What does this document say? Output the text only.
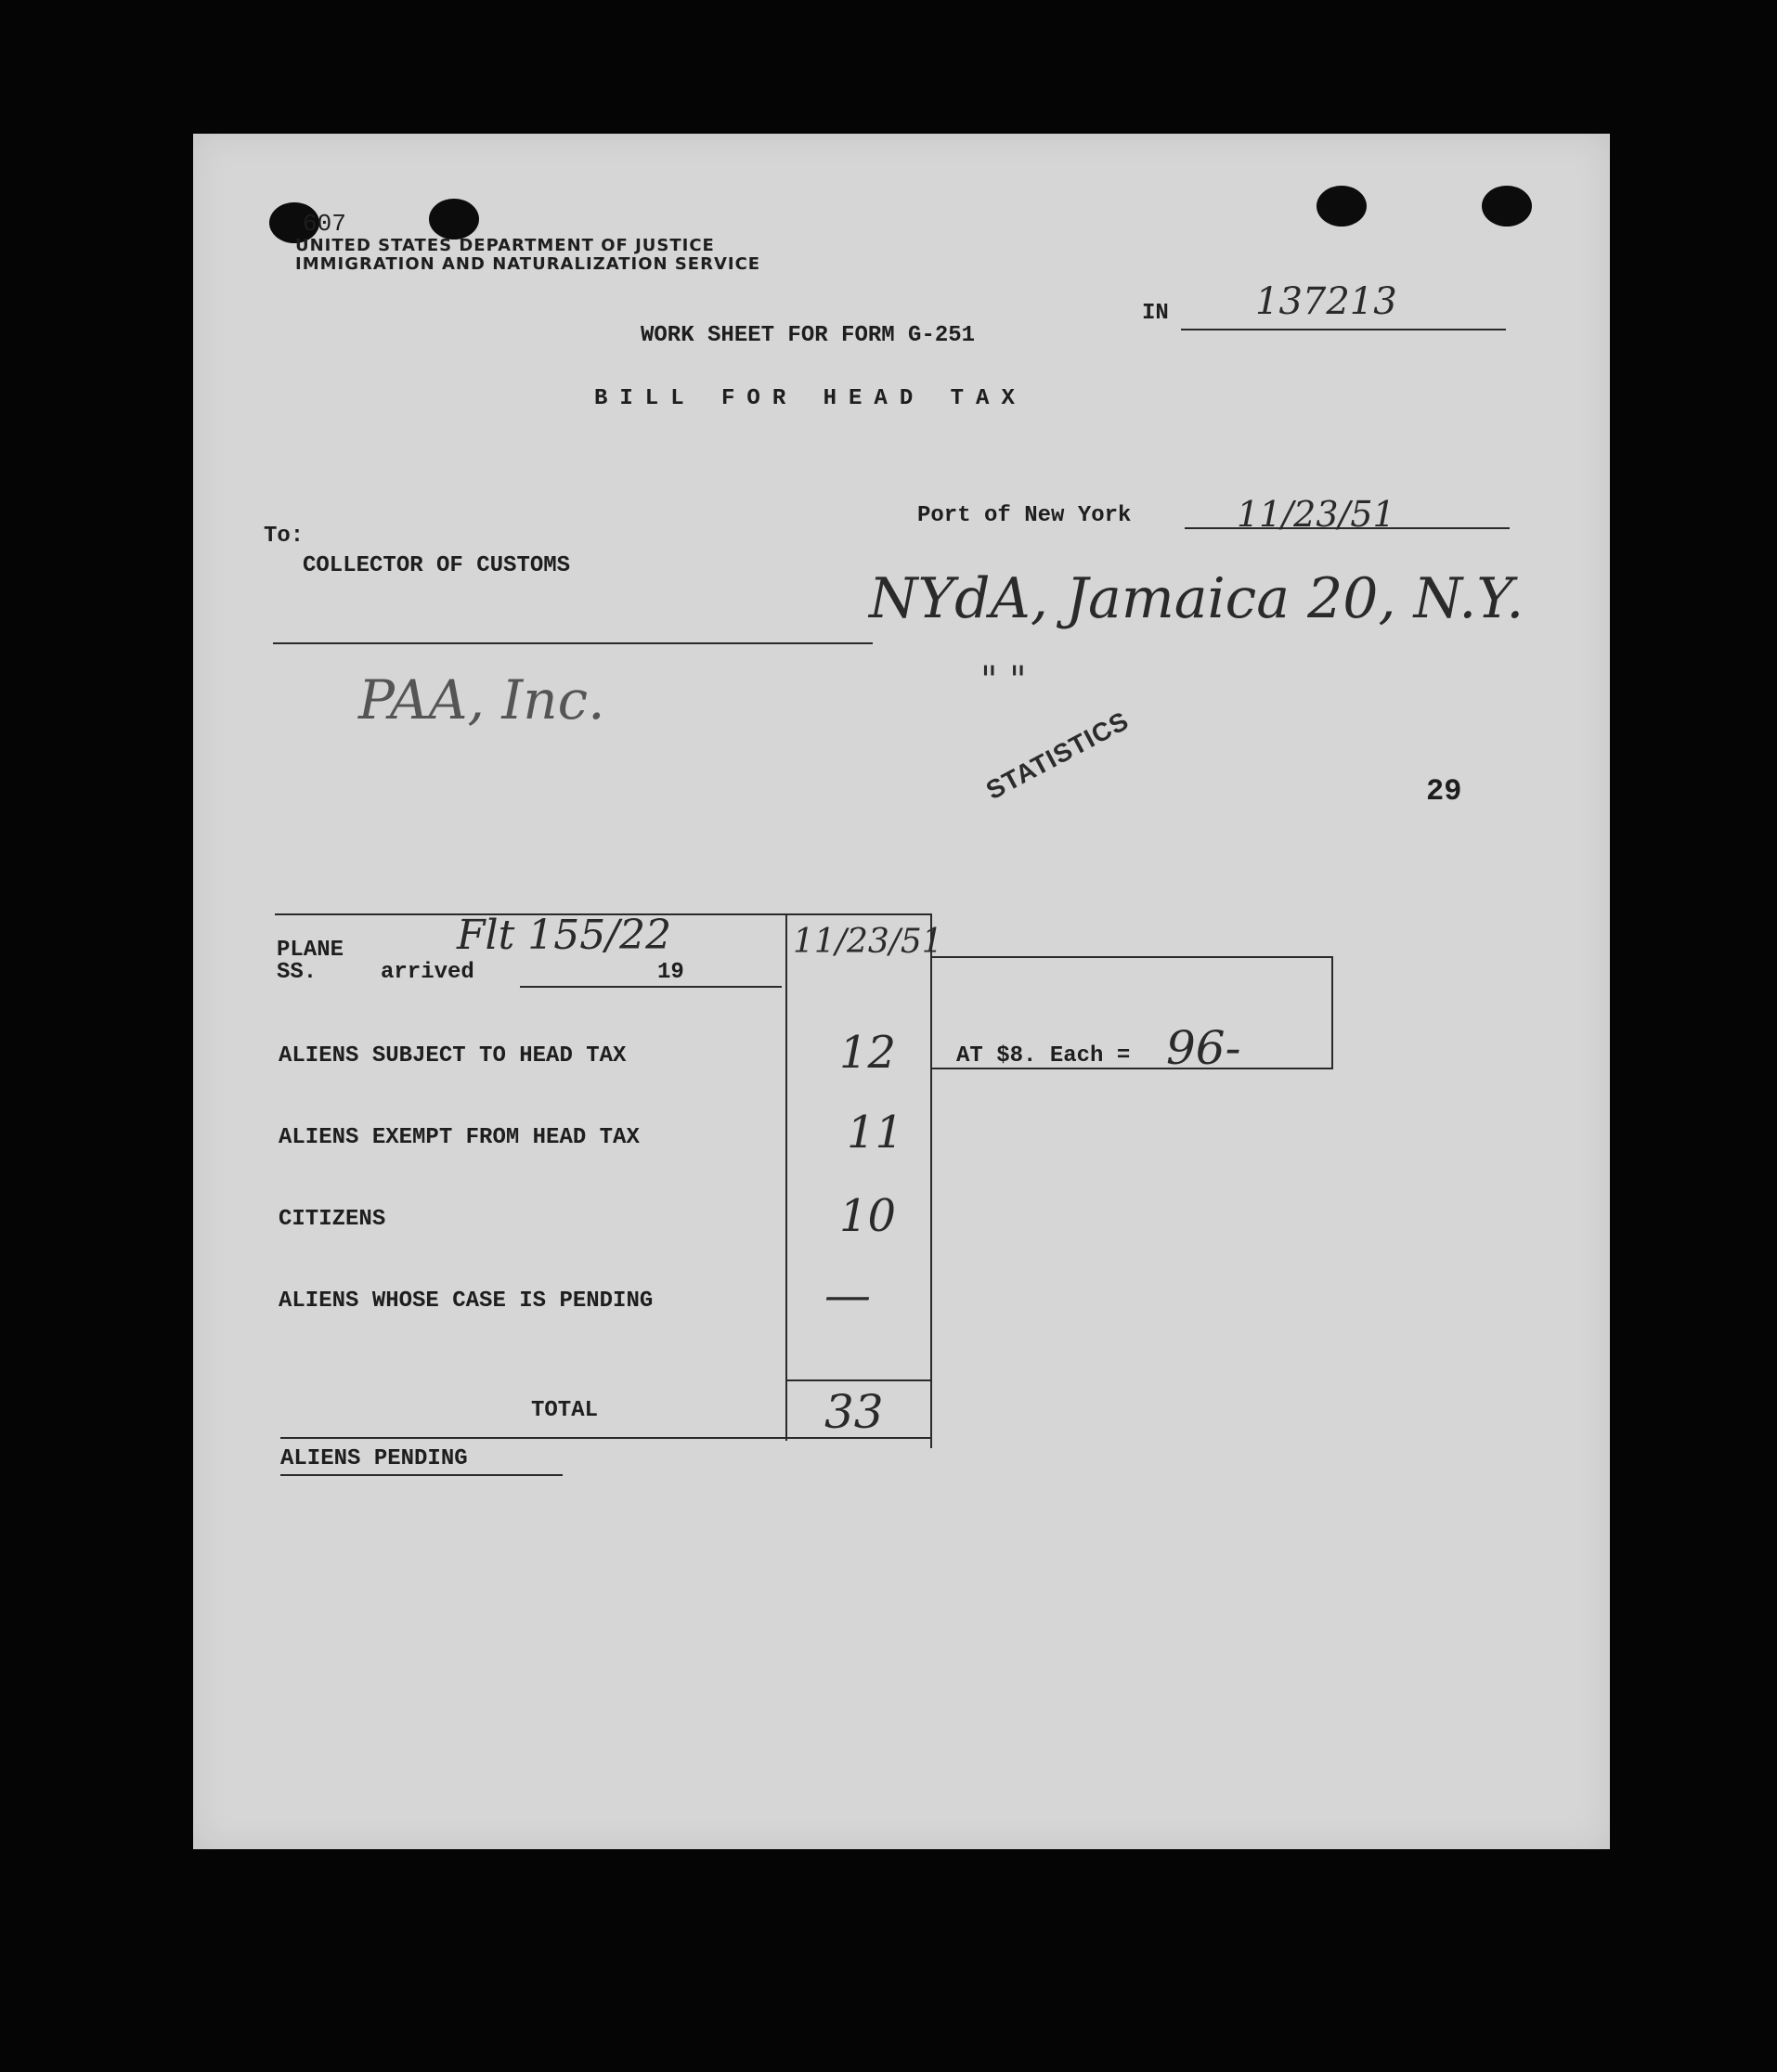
607
UNITED STATES DEPARTMENT OF JUSTICE
IMMIGRATION AND NATURALIZATION SERVICE
IN 137213
WORK SHEET FOR FORM G-251
BILL FOR HEAD TAX
Port of New York	11/23/51
To:
COLLECTOR OF CUSTOMS
NYdA, Jamaica 20, N.Y.
" "
PAA, Inc.
STATISTICS	29
PLANE
SS.	arrived	19
Flt 155/22	11/23/51
ALIENS SUBJECT TO HEAD TAX	12	AT $8. Each = 96-
ALIENS EXEMPT FROM HEAD TAX	11
CITIZENS	10
ALIENS WHOSE CASE IS PENDING	—
TOTAL	33
ALIENS PENDING
